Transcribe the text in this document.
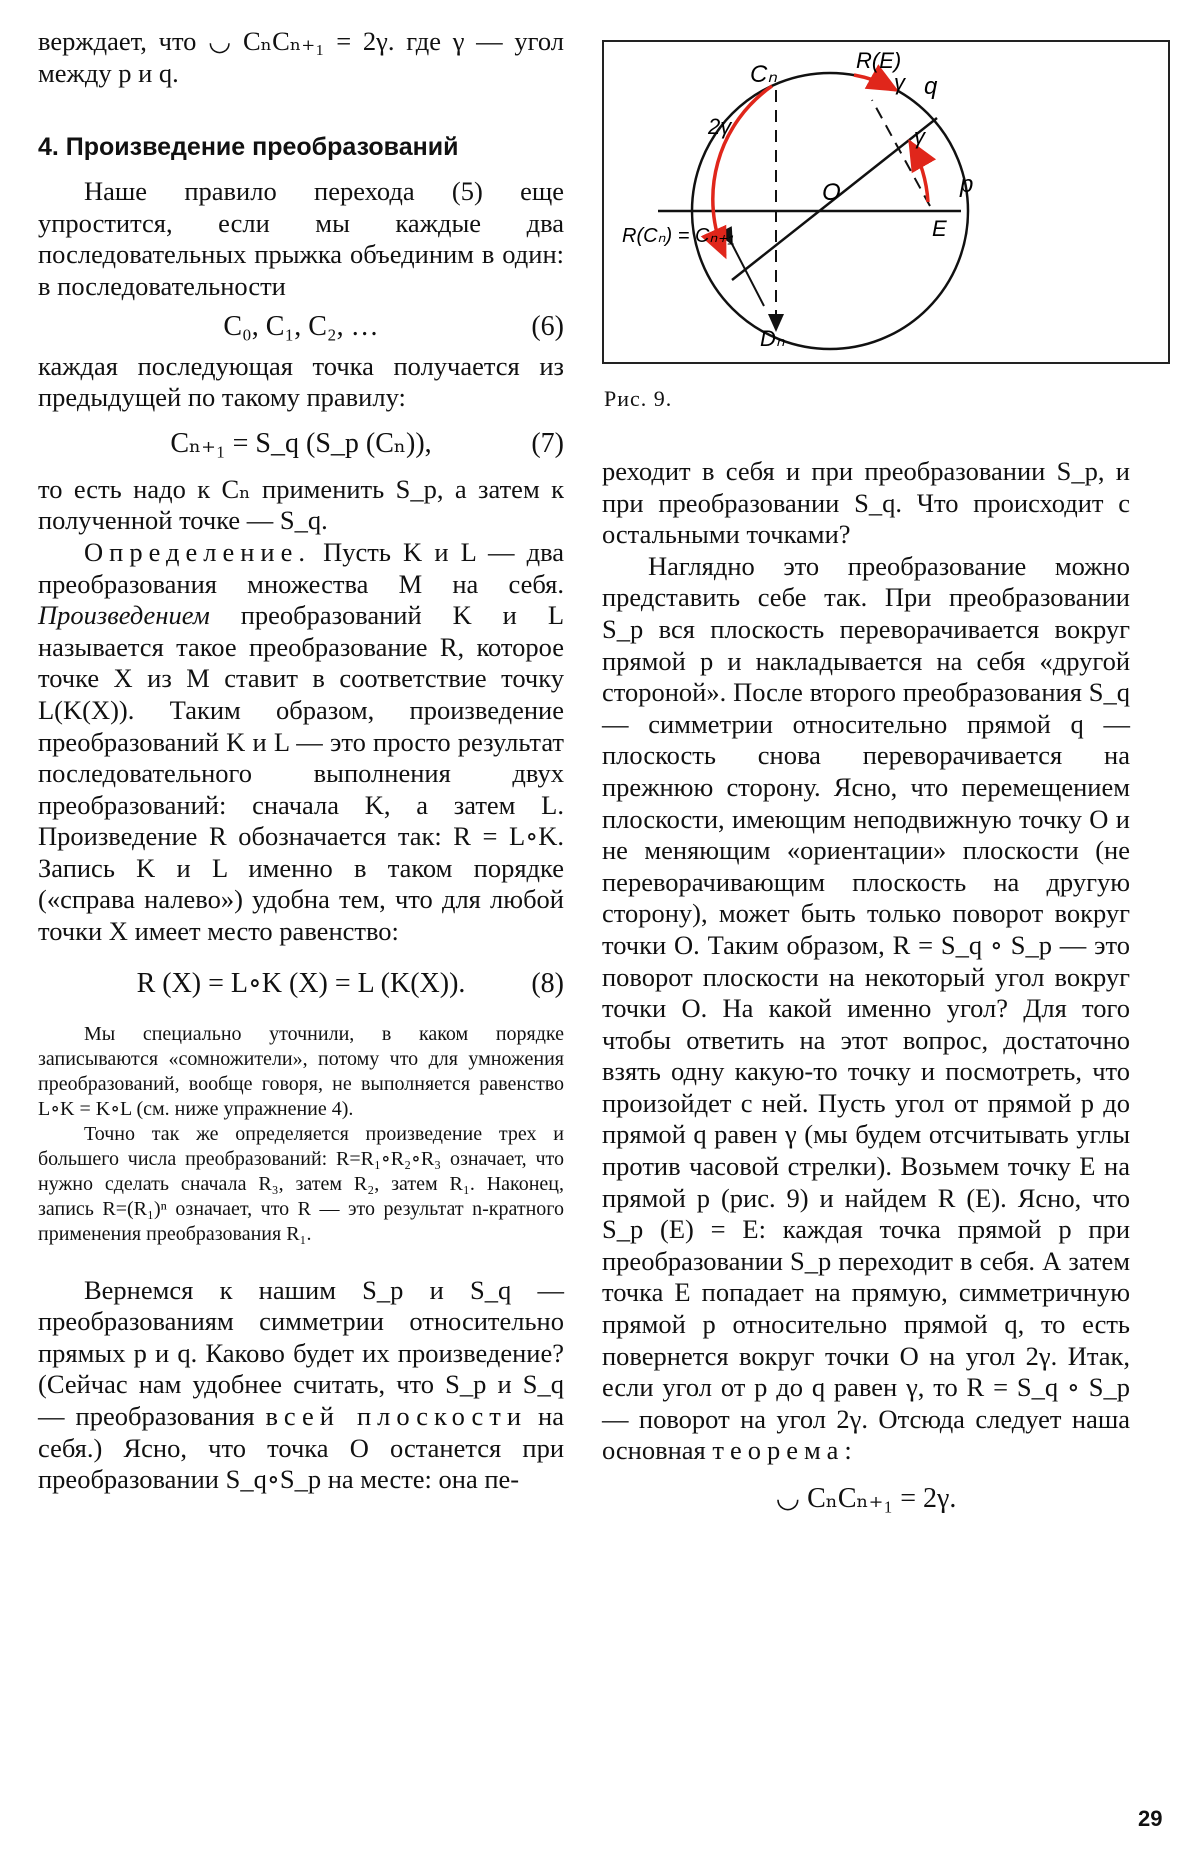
верждает, что ◡ CₙCₙ₊₁ = 2γ. где γ — угол между p и q.

4. Произведение преобразований

Наше правило перехода (5) еще упростится, если мы каждые два последовательных прыжка объединим в один: в последовательности

C₀, C₁, C₂, …	(6)

каждая последующая точка получается из предыдущей по такому правилу:

Cₙ₊₁ = S_q (S_p (Cₙ)),	(7)

то есть надо к Cₙ применить S_p, а затем к полученной точке — S_q.

Определение. Пусть K и L — два преобразования множества M на себя. Произведением преобразований K и L называется такое преобразование R, которое точке X из M ставит в соответствие точку L(K(X)). Таким образом, произведение преобразований K и L — это просто результат последовательного выполнения двух преобразований: сначала K, а затем L. Произведение R обозначается так: R = L∘K. Запись K и L именно в таком порядке («справа налево») удобна тем, что для любой точки X имеет место равенство:

R (X) = L∘K (X) = L (K(X)).	(8)

Мы специально уточнили, в каком порядке записываются «сомножители», потому что для умножения преобразований, вообще говоря, не выполняется равенство L∘K = K∘L (см. ниже упражнение 4).

Точно так же определяется произведение трех и большего числа преобразований: R=R₁∘R₂∘R₃ означает, что нужно сделать сначала R₃, затем R₂, затем R₁. Наконец, запись R=(R₁)ⁿ означает, что R — это результат n-кратного применения преобразования R₁.

Вернемся к нашим S_p и S_q — преобразованиям симметрии относительно прямых p и q. Каково будет их произведение? (Сейчас нам удобнее считать, что S_p и S_q — преобразования всей плоскости на себя.) Ясно, что точка O останется при преобразовании S_q∘S_p на месте: она пе-

Cₙ
R(E)
γ q
2γ	γ
O	p
E
R(Cₙ) = Cₙ₊₁
Dₙ

Рис. 9.

реходит в себя и при преобразовании S_p, и при преобразовании S_q. Что происходит с остальными точками?

Наглядно это преобразование можно представить себе так. При преобразовании S_p вся плоскость переворачивается вокруг прямой p и накладывается на себя «другой стороной». После второго преобразования S_q — симметрии относительно прямой q — плоскость снова переворачивается на прежнюю сторону. Ясно, что перемещением плоскости, имеющим неподвижную точку O и не меняющим «ориентации» плоскости (не переворачивающим плоскость на другую сторону), может быть только поворот вокруг точки O. Таким образом, R = S_q ∘ S_p — это поворот плоскости на некоторый угол вокруг точки O. На какой именно угол? Для того чтобы ответить на этот вопрос, достаточно взять одну какую-то точку и посмотреть, что произойдет с ней. Пусть угол от прямой p до прямой q равен γ (мы будем отсчитывать углы против часовой стрелки). Возьмем точку E на прямой p (рис. 9) и найдем R (E). Ясно, что S_p (E) = E: каждая точка прямой p при преобразовании S_p переходит в себя. А затем точка E попадает на прямую, симметричную прямой p относительно прямой q, то есть повернется вокруг точки O на угол 2γ. Итак, если угол от p до q равен γ, то R = S_q ∘ S_p — поворот на угол 2γ. Отсюда следует наша основная теорема:

◡ CₙCₙ₊₁ = 2γ.
29
